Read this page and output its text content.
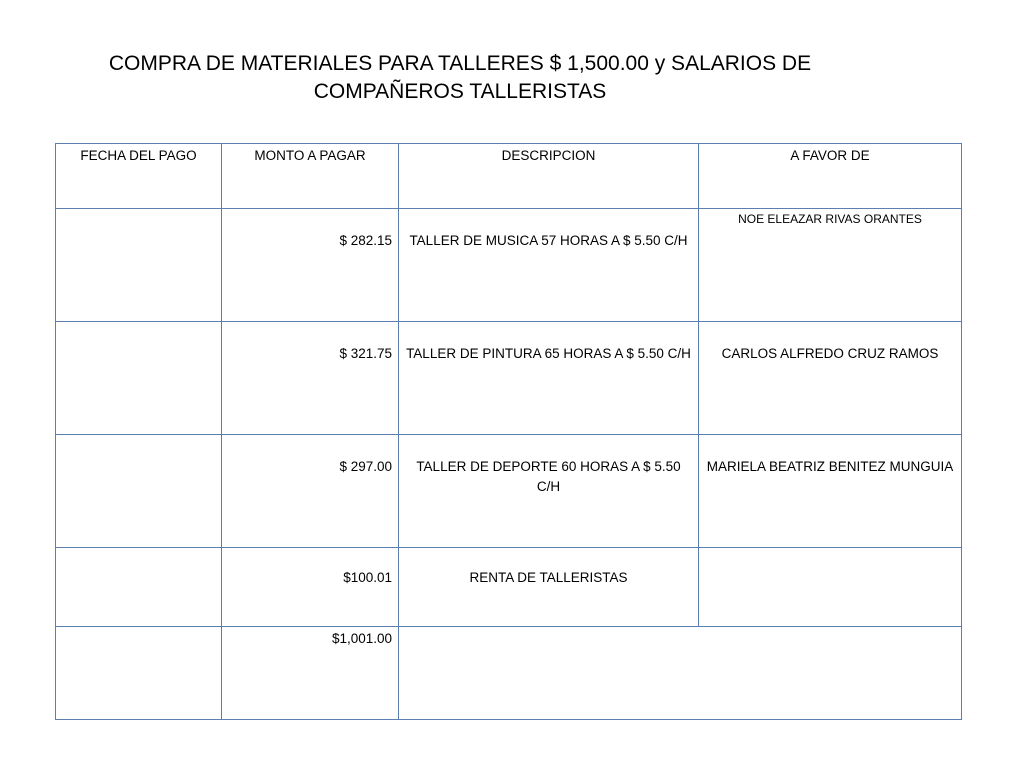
COMPRA DE MATERIALES PARA TALLERES $ 1,500.00 y SALARIOS DE
COMPAÑEROS TALLERISTAS
FECHA DEL PAGO	MONTO A PAGAR	DESCRIPCION	A FAVOR DE
	$ 282.15	TALLER DE MUSICA 57 HORAS A $ 5.50 C/H	NOE ELEAZAR RIVAS ORANTES
	$ 321.75	TALLER DE PINTURA 65 HORAS A $ 5.50 C/H	CARLOS ALFREDO CRUZ RAMOS
	$ 297.00	TALLER DE DEPORTE 60 HORAS A $ 5.50 C/H	MARIELA BEATRIZ BENITEZ MUNGUIA
	$100.01	RENTA DE TALLERISTAS	
	$1,001.00		
